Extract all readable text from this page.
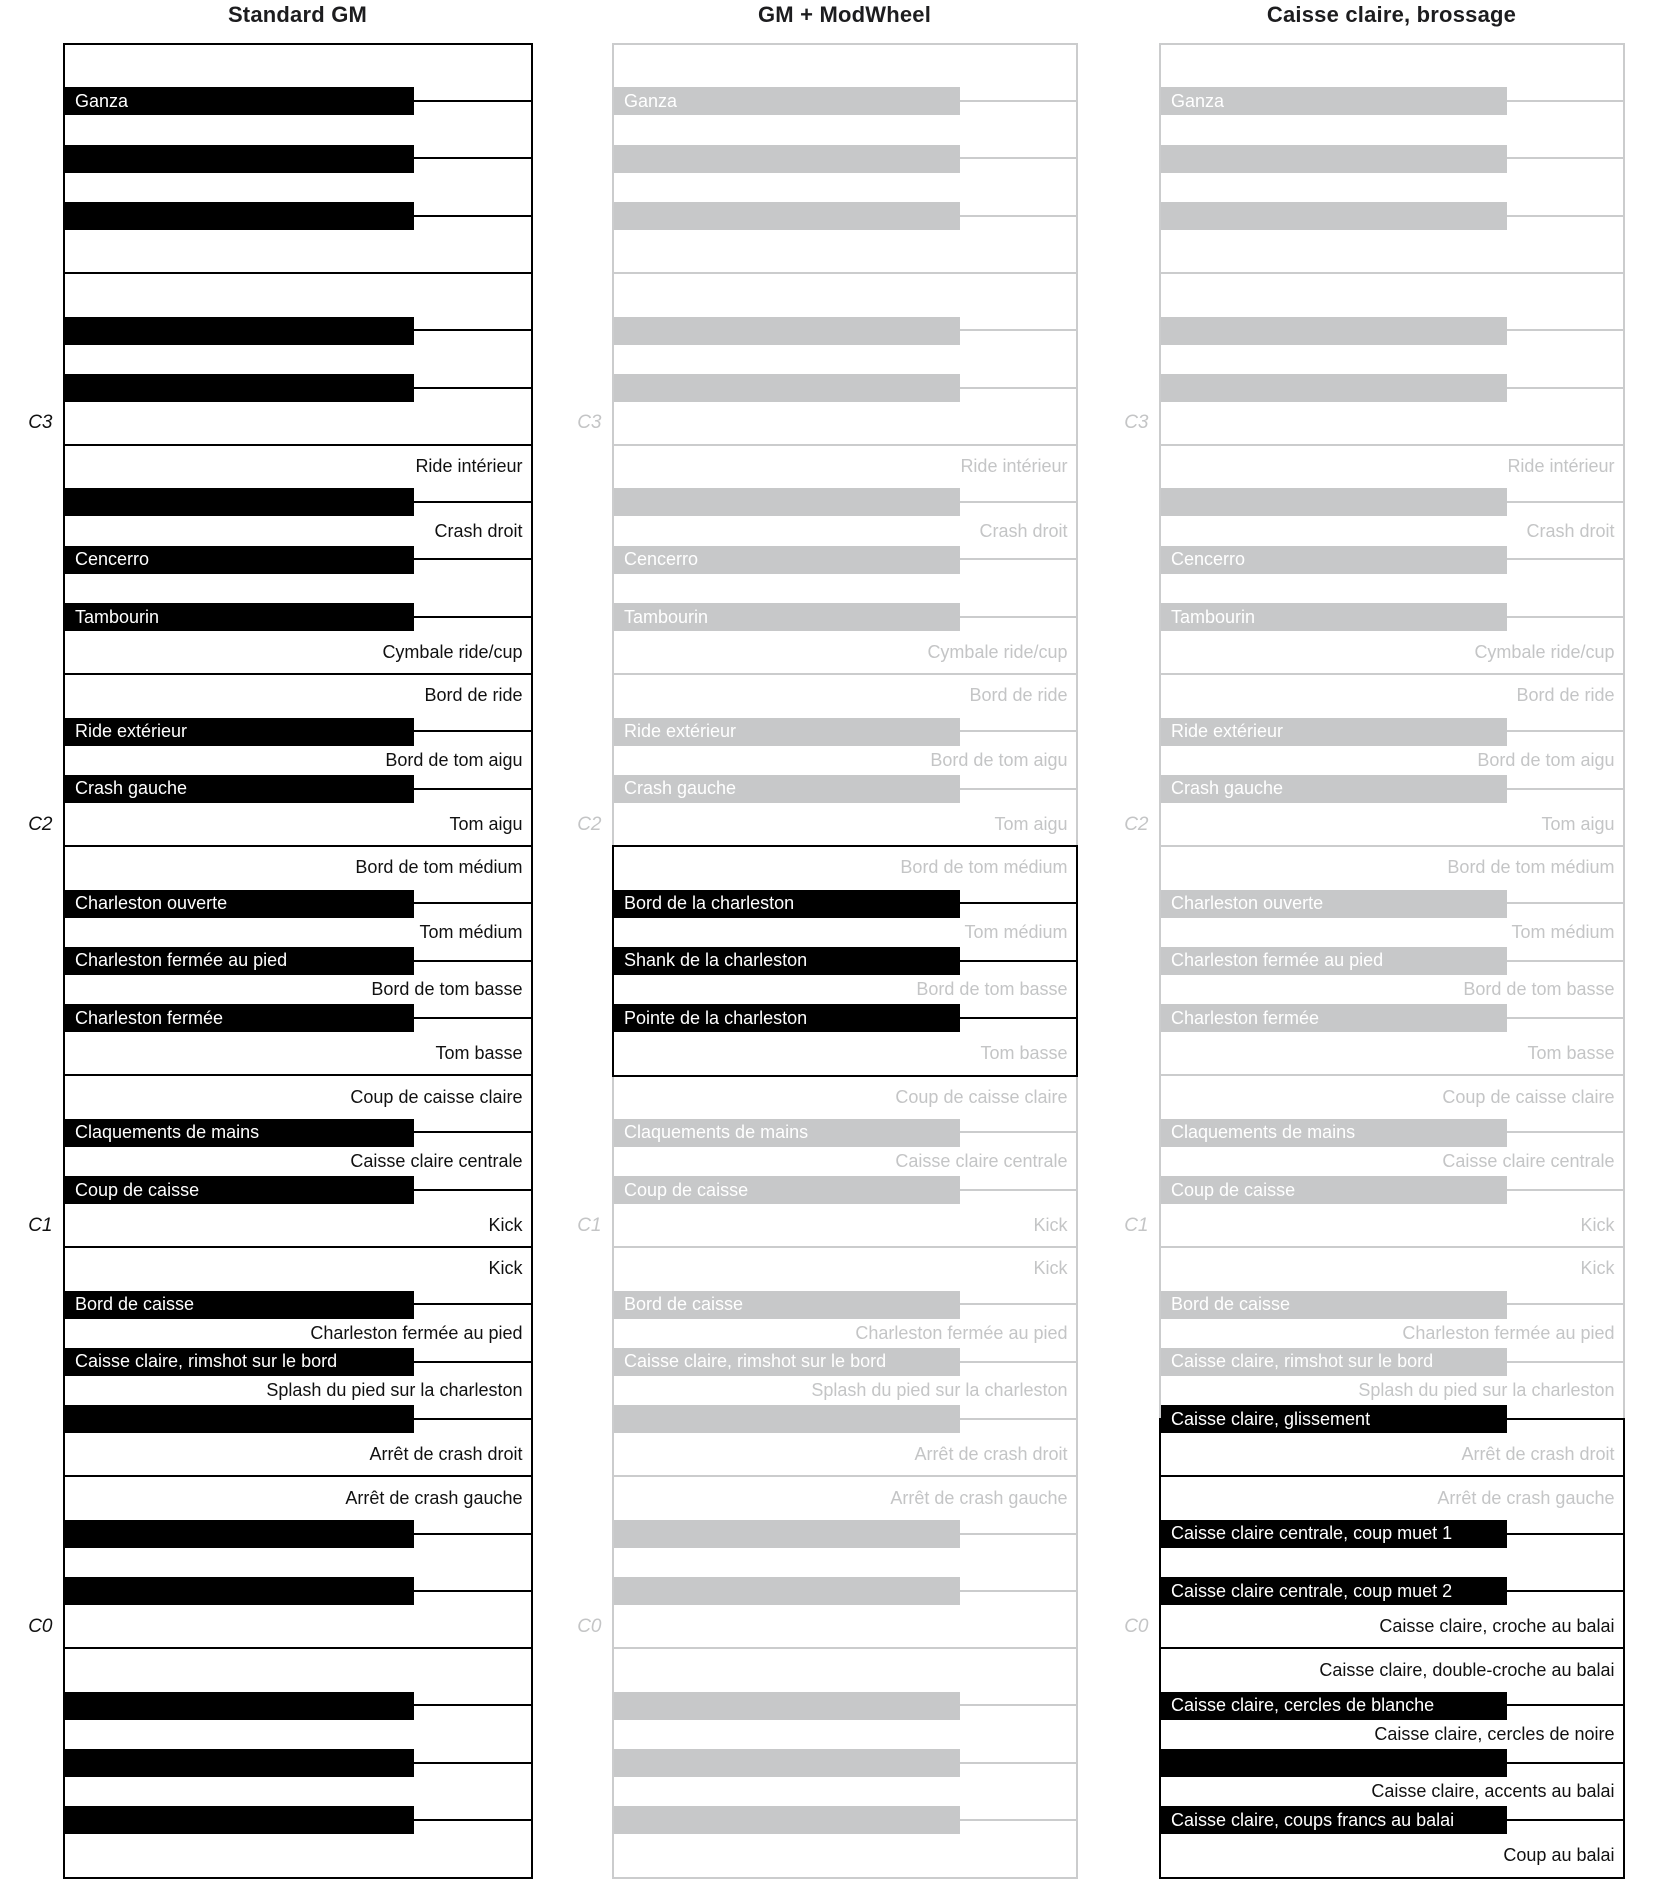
Standard GM
Ganza
C3
Ride intérieur
Crash droit
Cencerro
Tambourin
Cymbale ride/cup
Bord de ride
Ride extérieur
Bord de tom aigu
Crash gauche
Tom aigu
C2
Bord de tom médium
Charleston ouverte
Tom médium
Charleston fermée au pied
Bord de tom basse
Charleston fermée
Tom basse
Coup de caisse claire
Claquements de mains
Caisse claire centrale
Coup de caisse
Kick
C1
Kick
Bord de caisse
Charleston fermée au pied
Caisse claire, rimshot sur le bord
Splash du pied sur la charleston
Arrêt de crash droit
Arrêt de crash gauche
C0
GM + ModWheel
Ganza
C3
Ride intérieur
Crash droit
Cencerro
Tambourin
Cymbale ride/cup
Bord de ride
Ride extérieur
Bord de tom aigu
Crash gauche
Tom aigu
C2
Bord de tom médium
Bord de la charleston
Tom médium
Shank de la charleston
Bord de tom basse
Pointe de la charleston
Tom basse
Coup de caisse claire
Claquements de mains
Caisse claire centrale
Coup de caisse
Kick
C1
Kick
Bord de caisse
Charleston fermée au pied
Caisse claire, rimshot sur le bord
Splash du pied sur la charleston
Arrêt de crash droit
Arrêt de crash gauche
C0
Caisse claire, brossage
Ganza
C3
Ride intérieur
Crash droit
Cencerro
Tambourin
Cymbale ride/cup
Bord de ride
Ride extérieur
Bord de tom aigu
Crash gauche
Tom aigu
C2
Bord de tom médium
Charleston ouverte
Tom médium
Charleston fermée au pied
Bord de tom basse
Charleston fermée
Tom basse
Coup de caisse claire
Claquements de mains
Caisse claire centrale
Coup de caisse
Kick
C1
Kick
Bord de caisse
Charleston fermée au pied
Caisse claire, rimshot sur le bord
Splash du pied sur la charleston
Caisse claire, glissement
Arrêt de crash droit
Arrêt de crash gauche
Caisse claire centrale, coup muet 1
Caisse claire centrale, coup muet 2
Caisse claire, croche au balai
C0
Caisse claire, double-croche au balai
Caisse claire, cercles de blanche
Caisse claire, cercles de noire
Caisse claire, accents au balai
Caisse claire, coups francs au balai
Coup au balai
